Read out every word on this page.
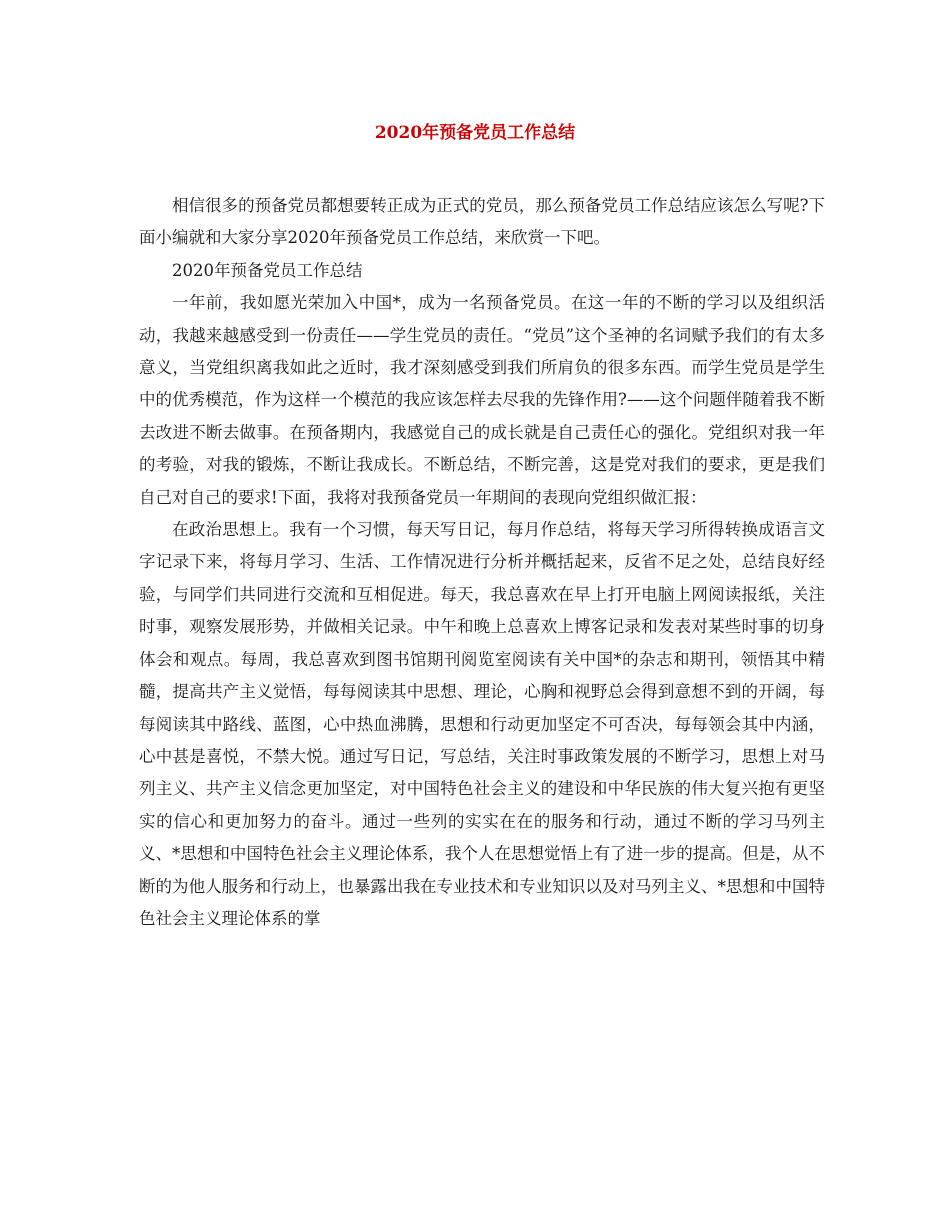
2020年预备党员工作总结

相信很多的预备党员都想要转正成为正式的党员，那么预备党员工作总结应该怎么写呢?下面小编就和大家分享2020年预备党员工作总结，来欣赏一下吧。

2020年预备党员工作总结

一年前，我如愿光荣加入中国*，成为一名预备党员。在这一年的不断的学习以及组织活动，我越来越感受到一份责任——学生党员的责任。“党员”这个圣神的名词赋予我们的有太多意义，当党组织离我如此之近时，我才深刻感受到我们所肩负的很多东西。而学生党员是学生中的优秀模范，作为这样一个模范的我应该怎样去尽我的先锋作用?——这个问题伴随着我不断去改进不断去做事。在预备期内，我感觉自己的成长就是自己责任心的强化。党组织对我一年的考验，对我的锻炼，不断让我成长。不断总结，不断完善，这是党对我们的要求，更是我们自己对自己的要求!下面，我将对我预备党员一年期间的表现向党组织做汇报：

在政治思想上。我有一个习惯，每天写日记，每月作总结，将每天学习所得转换成语言文字记录下来，将每月学习、生活、工作情况进行分析并概括起来，反省不足之处，总结良好经验，与同学们共同进行交流和互相促进。每天，我总喜欢在早上打开电脑上网阅读报纸，关注时事，观察发展形势，并做相关记录。中午和晚上总喜欢上博客记录和发表对某些时事的切身体会和观点。每周，我总喜欢到图书馆期刊阅览室阅读有关中国*的杂志和期刊，领悟其中精髓，提高共产主义觉悟，每每阅读其中思想、理论，心胸和视野总会得到意想不到的开阔，每每阅读其中路线、蓝图，心中热血沸腾，思想和行动更加坚定不可否决，每每领会其中内涵，心中甚是喜悦，不禁大悦。通过写日记，写总结，关注时事政策发展的不断学习，思想上对马列主义、共产主义信念更加坚定，对中国特色社会主义的建设和中华民族的伟大复兴抱有更坚实的信心和更加努力的奋斗。通过一些列的实实在在的服务和行动，通过不断的学习马列主义、*思想和中国特色社会主义理论体系，我个人在思想觉悟上有了进一步的提高。但是，从不断的为他人服务和行动上，也暴露出我在专业技术和专业知识以及对马列主义、*思想和中国特色社会主义理论体系的掌
